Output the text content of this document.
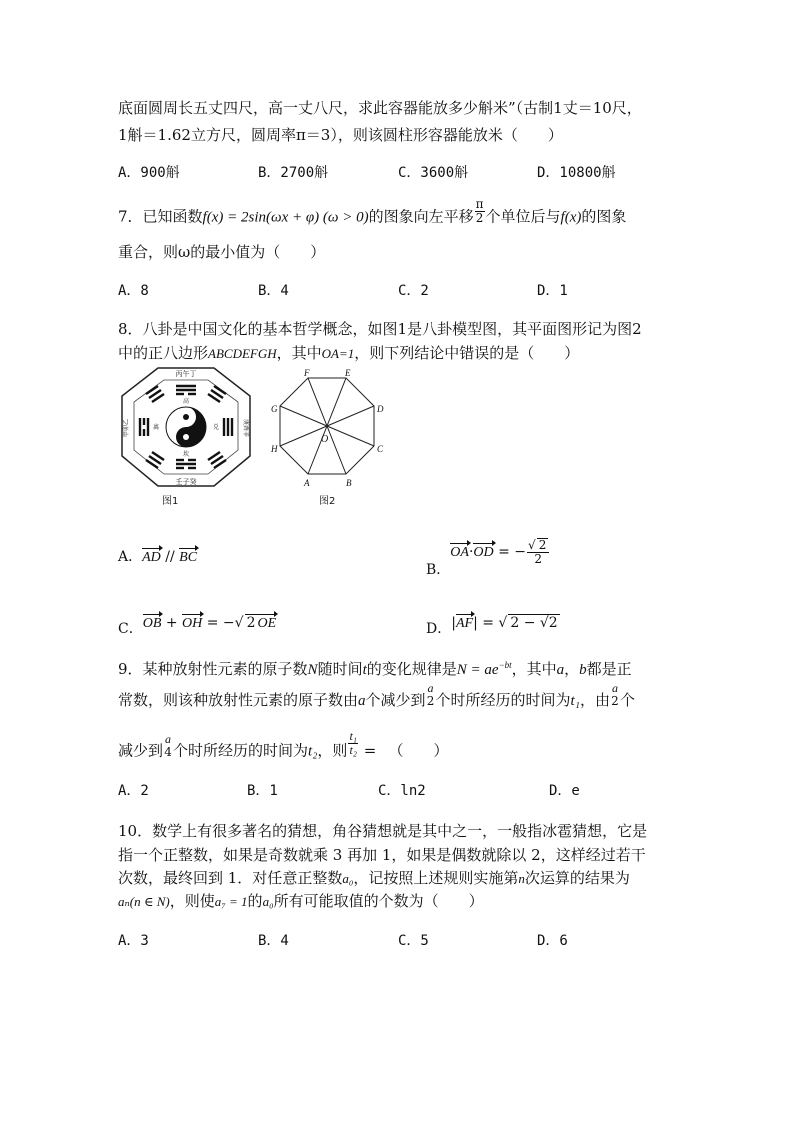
底面圆周长五丈四尺，高一丈八尺，求此容器能放多少斛米”（古制1丈＝10尺，
1斛＝1.62立方尺，圆周率π＝3），则该圆柱形容器能放米（　　）
A．900斛	B．2700斛	C．3600斛	D．10800斛
7．已知函数f(x) = 2sin(ωx + φ) (ω > 0)的图象向左平移 $\frac{\pi}{2}$ 个单位后与f(x)的图象
重合，则ω的最小值为（　　）
A．8	B．4	C．2	D．1
8．八卦是中国文化的基本哲学概念，如图1是八卦模型图，其平面图形记为图2
中的正八边形ABCDEFGH，其中OA=1，则下列结论中错误的是（　　）
丙午丁
壬子癸
高
坎
兑
离	庚酉辛
甲卯乙
图1
A	B
C
D
E
F
G
H
O
图2
A．AD // BC
B．OA·OD = − $\frac{√ 2}{2}$
C．OB + OH = −√ 2 OE	D．|AF| = √ 2 − √2
9．某种放射性元素的原子数N随时间t的变化规律是$N = ae^{-bt}$，其中a，b都是正
常数，则该种放射性元素的原子数由a个减少到
a
2 个时所经历的时间为t₁，由
a
2 个
减少到
a
4 个时所经历的时间为t₂，则 $\frac{\text{t₁}}{\text{t₂}}$ = 　（　　）
A．2	B．1	C．ln2	D．e
10．数学上有很多著名的猜想，角谷猜想就是其中之一，一般指冰雹猜想，它是
指一个正整数，如果是奇数就乘 3 再加 1，如果是偶数就除以 2，这样经过若干
次数，最终回到 1．对任意正整数a₀，记按照上述规则实施第n次运算的结果为
aₙ(n ∈ N)，则使a₇ = 1的a₀所有可能取值的个数为（　　）
A．3	B．4	C．5	D．6
